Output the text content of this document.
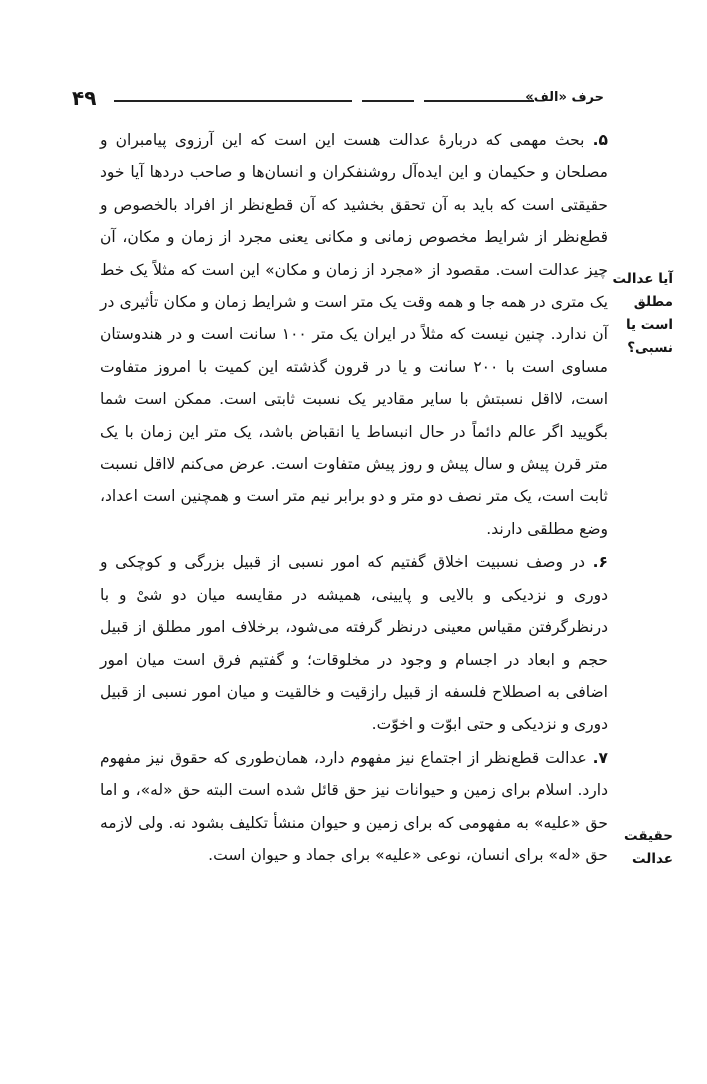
۴۹	حرف «الف»
آیا عدالت
مطلق است یا
نسبی؟
حقیقت عدالت

۵. بحث مهمی که دربارهٔ عدالت هست این است که این آرزوی پیامبران و مصلحان و حکیمان و این ایده‌آل روشنفکران و انسان‌ها و صاحب دردها آیا خود حقیقتی است که باید به آن تحقق بخشید که آن قطع‌نظر از افراد بالخصوص و قطع‌نظر از شرایط مخصوص زمانی و مکانی یعنی مجرد از زمان و مکان، آن چیز عدالت است. مقصود از «مجرد از زمان و مکان» این است که مثلاً یک خط یک متری در همه جا و همه وقت یک متر است و شرایط زمان و مکان تأثیری در آن ندارد. چنین نیست که مثلاً در ایران یک متر ۱۰۰ سانت است و در هندوستان مساوی است با ۲۰۰ سانت و یا در قرون گذشته این کمیت با امروز متفاوت است، لااقل نسبتش با سایر مقادیر یک نسبت ثابتی است. ممکن است شما بگویید اگر عالم دائماً در حال انبساط یا انقباض باشد، یک متر این زمان با یک متر قرن پیش و سال پیش و روز پیش متفاوت است. عرض می‌کنم لااقل نسبت ثابت است، یک متر نصف دو متر و دو برابر نیم متر است و همچنین است اعداد، وضع مطلقی دارند.

۶. در وصف نسبیت اخلاق گفتیم که امور نسبی از قبیل بزرگی و کوچکی و دوری و نزدیکی و بالایی و پایینی، همیشه در مقایسه میان دو شیْ و با درنظرگرفتن مقیاس معینی درنظر گرفته می‌شود، برخلاف امور مطلق از قبیل حجم و ابعاد در اجسام و وجود در مخلوقات؛ و گفتیم فرق است میان امور اضافی به اصطلاح فلسفه از قبیل رازقیت و خالقیت و میان امور نسبی از قبیل دوری و نزدیکی و حتی ابوّت و اخوّت.

۷. عدالت قطع‌نظر از اجتماع نیز مفهوم دارد، همان‌طوری که حقوق نیز مفهوم دارد. اسلام برای زمین و حیوانات نیز حق قائل شده است البته حق «له»، و اما حق «علیه» به مفهومی که برای زمین و حیوان منشأ تکلیف بشود نه. ولی لازمه حق «له» برای انسان، نوعی «علیه» برای جماد و حیوان است.
